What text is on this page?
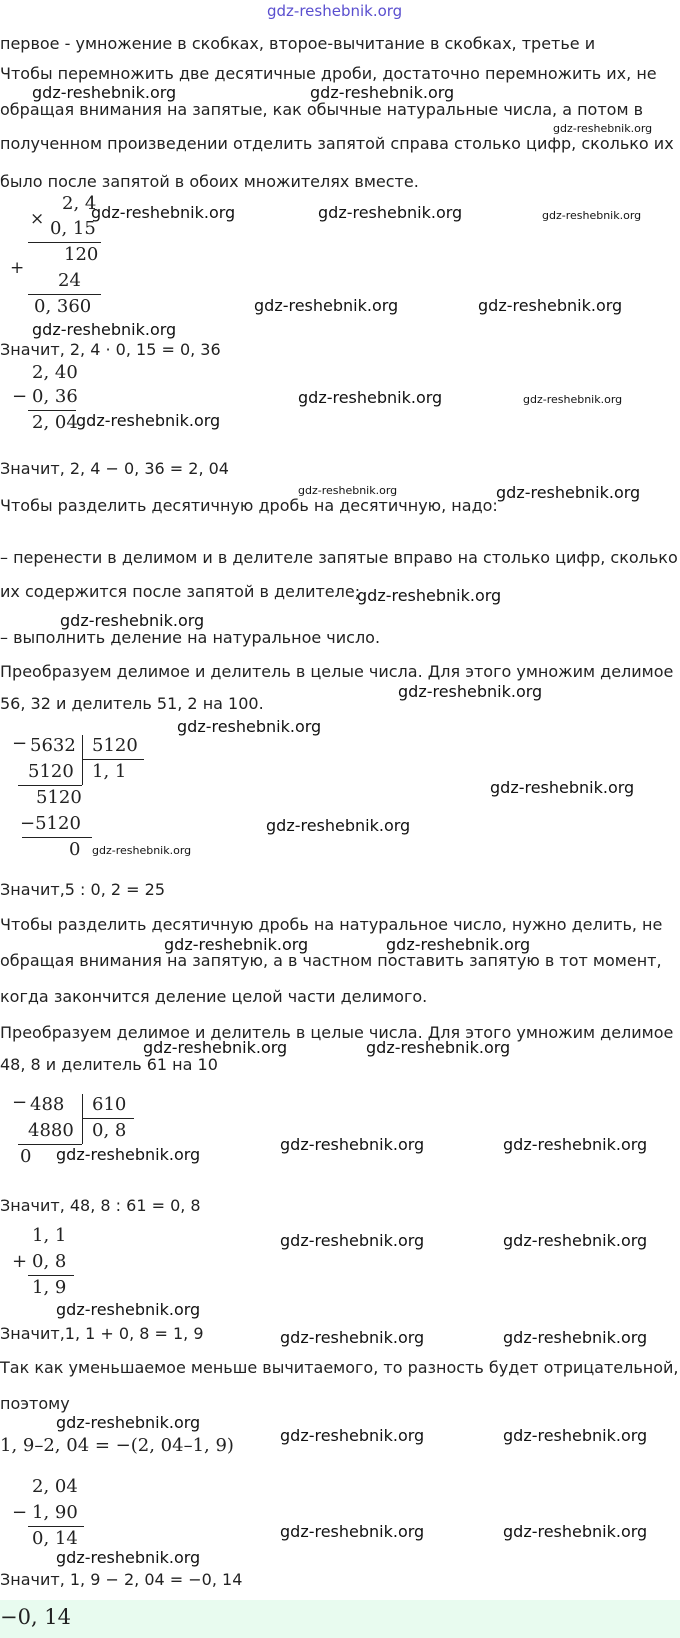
gdz-reshebnik.org
первое - умножение в скобках, второе-вычитание в скобках, третье и
Чтобы перемножить две десятичные дроби, достаточно перемножить их, не
обращая внимания на запятые, как обычные натуральные числа, а потом в
полученном произведении отделить запятой справа столько цифр, сколько их
было после запятой в обоих множителях вместе.
gdz-reshebnik.org	gdz-reshebnik.org
gdz-reshebnik.org
2, 4
× 0, 15
120
+
24
0, 360
gdz-reshebnik.org	gdz-reshebnik.org	gdz-reshebnik.org
gdz-reshebnik.org	gdz-reshebnik.org
gdz-reshebnik.org
Значит, 2, 4 · 0, 15 = 0, 36
2, 40
− 0, 36
2, 04
gdz-reshebnik.org
gdz-reshebnik.org	gdz-reshebnik.org
Значит, 2, 4 − 0, 36 = 2, 04
gdz-reshebnik.org	gdz-reshebnik.org
Чтобы разделить десятичную дробь на десятичную, надо:
– перенести в делимом и в делителе запятые вправо на столько цифр, сколько
их содержится после запятой в делителе;
gdz-reshebnik.org
gdz-reshebnik.org
– выполнить деление на натуральное число.
Преобразуем делимое и делитель в целые числа. Для этого умножим делимое
gdz-reshebnik.org
56, 32 и делитель 51, 2 на 100.
gdz-reshebnik.org
− 5632 5120
5120 1, 1
5120
−5120
0
gdz-reshebnik.org
gdz-reshebnik.org
gdz-reshebnik.org
Значит,5 : 0, 2 = 25
Чтобы разделить десятичную дробь на натуральное число, нужно делить, не
gdz-reshebnik.org	gdz-reshebnik.org
обращая внимания на запятую, а в частном поставить запятую в тот момент,
когда закончится деление целой части делимого.
Преобразуем делимое и делитель в целые числа. Для этого умножим делимое
gdz-reshebnik.org	gdz-reshebnik.org
48, 8 и делитель 61 на 10
− 488 610
4880 0, 8
0 gdz-reshebnik.org
gdz-reshebnik.org	gdz-reshebnik.org
Значит, 48, 8 : 61 = 0, 8
1, 1
+ 0, 8
1, 9
gdz-reshebnik.org	gdz-reshebnik.org
gdz-reshebnik.org
Значит,1, 1 + 0, 8 = 1, 9	gdz-reshebnik.org	gdz-reshebnik.org
Так как уменьшаемое меньше вычитаемого, то разность будет отрицательной,
поэтому
gdz-reshebnik.org
1, 9–2, 04 = −(2, 04–1, 9)	gdz-reshebnik.org	gdz-reshebnik.org
2, 04
− 1, 90
0, 14	gdz-reshebnik.org	gdz-reshebnik.org
gdz-reshebnik.org
Значит, 1, 9 − 2, 04 = −0, 14
−0, 14
